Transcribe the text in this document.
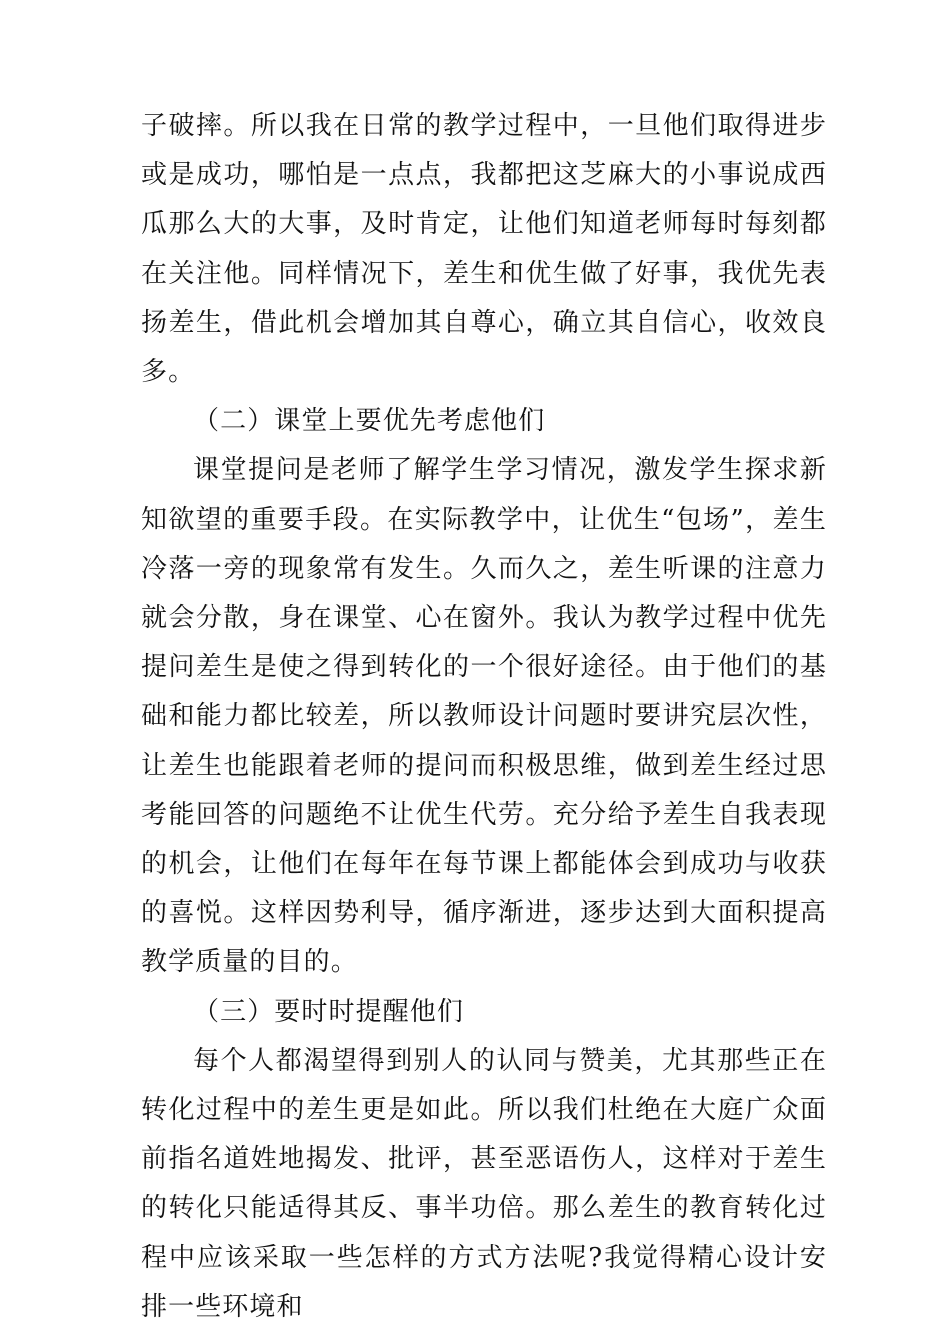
子破摔。所以我在日常的教学过程中，一旦他们取得进步或是成功，哪怕是一点点，我都把这芝麻大的小事说成西瓜那么大的大事，及时肯定，让他们知道老师每时每刻都在关注他。同样情况下，差生和优生做了好事，我优先表扬差生，借此机会增加其自尊心，确立其自信心，收效良多。

（二）课堂上要优先考虑他们

课堂提问是老师了解学生学习情况，激发学生探求新知欲望的重要手段。在实际教学中，让优生“包场”，差生冷落一旁的现象常有发生。久而久之，差生听课的注意力就会分散，身在课堂、心在窗外。我认为教学过程中优先提问差生是使之得到转化的一个很好途径。由于他们的基础和能力都比较差，所以教师设计问题时要讲究层次性，让差生也能跟着老师的提问而积极思维，做到差生经过思考能回答的问题绝不让优生代劳。充分给予差生自我表现的机会，让他们在每年在每节课上都能体会到成功与收获的喜悦。这样因势利导，循序渐进，逐步达到大面积提高教学质量的目的。

（三）要时时提醒他们

每个人都渴望得到别人的认同与赞美，尤其那些正在转化过程中的差生更是如此。所以我们杜绝在大庭广众面前指名道姓地揭发、批评，甚至恶语伤人，这样对于差生的转化只能适得其反、事半功倍。那么差生的教育转化过程中应该采取一些怎样的方式方法呢?我觉得精心设计安排一些环境和
